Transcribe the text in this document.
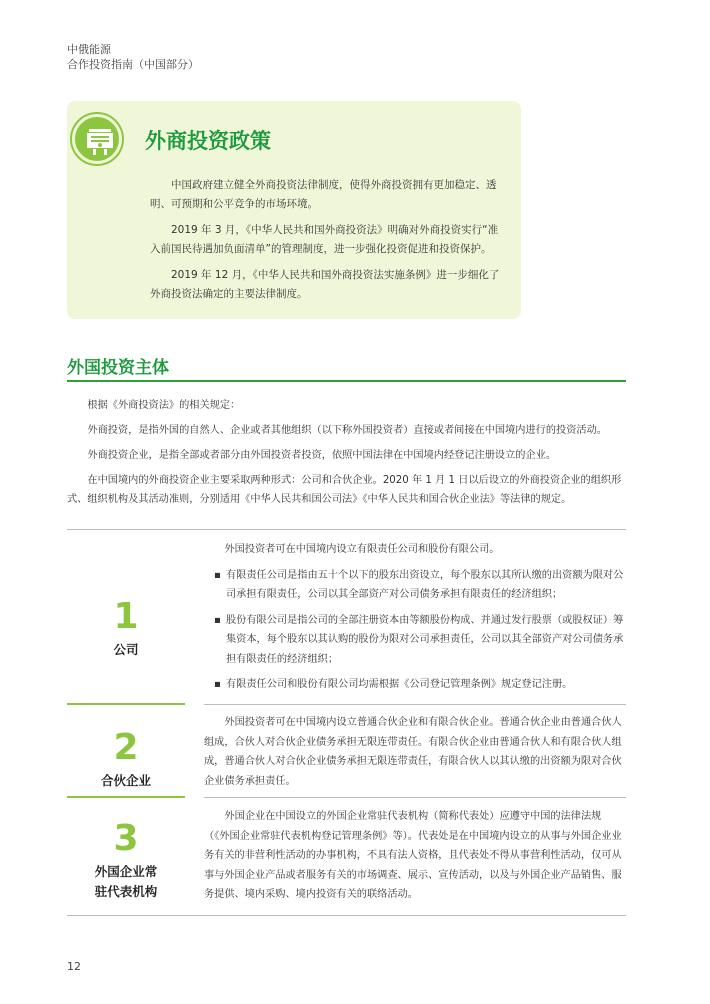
中俄能源
合作投资指南（中国部分）
外商投资政策

中国政府建立健全外商投资法律制度，使得外商投资拥有更加稳定、透明、可预期和公平竞争的市场环境。

2019 年 3 月，《中华人民共和国外商投资法》明确对外商投资实行“准入前国民待遇加负面清单”的管理制度，进一步强化投资促进和投资保护。

2019 年 12 月，《中华人民共和国外商投资法实施条例》进一步细化了外商投资法确定的主要法律制度。

外国投资主体

根据《外商投资法》的相关规定：

外商投资，是指外国的自然人、企业或者其他组织（以下称外国投资者）直接或者间接在中国境内进行的投资活动。

外商投资企业，是指全部或者部分由外国投资者投资，依照中国法律在中国境内经登记注册设立的企业。

在中国境内的外商投资企业主要采取两种形式：公司和合伙企业。2020 年 1 月 1 日以后设立的外商投资企业的组织形式、组织机构及其活动准则，分别适用《中华人民共和国公司法》《中华人民共和国合伙企业法》等法律的规定。

1
公司

外国投资者可在中国境内设立有限责任公司和股份有限公司。

▪ 有限责任公司是指由五十个以下的股东出资设立，每个股东以其所认缴的出资额为限对公司承担有限责任，公司以其全部资产对公司债务承担有限责任的经济组织；
▪ 股份有限公司是指公司的全部注册资本由等额股份构成、并通过发行股票（或股权证）筹集资本，每个股东以其认购的股份为限对公司承担责任，公司以其全部资产对公司债务承担有限责任的经济组织；
▪ 有限责任公司和股份有限公司均需根据《公司登记管理条例》规定登记注册。
2
合伙企业

外国投资者可在中国境内设立普通合伙企业和有限合伙企业。普通合伙企业由普通合伙人组成，合伙人对合伙企业债务承担无限连带责任。有限合伙企业由普通合伙人和有限合伙人组成，普通合伙人对合伙企业债务承担无限连带责任，有限合伙人以其认缴的出资额为限对合伙企业债务承担责任。

3
外国企业常
驻代表机构

外国企业在中国设立的外国企业常驻代表机构（简称代表处）应遵守中国的法律法规（《外国企业常驻代表机构登记管理条例》等）。代表处是在中国境内设立的从事与外国企业业务有关的非营利性活动的办事机构，不具有法人资格，且代表处不得从事营利性活动，仅可从事与外国企业产品或者服务有关的市场调查、展示、宣传活动，以及与外国企业产品销售、服务提供、境内采购、境内投资有关的联络活动。

12
